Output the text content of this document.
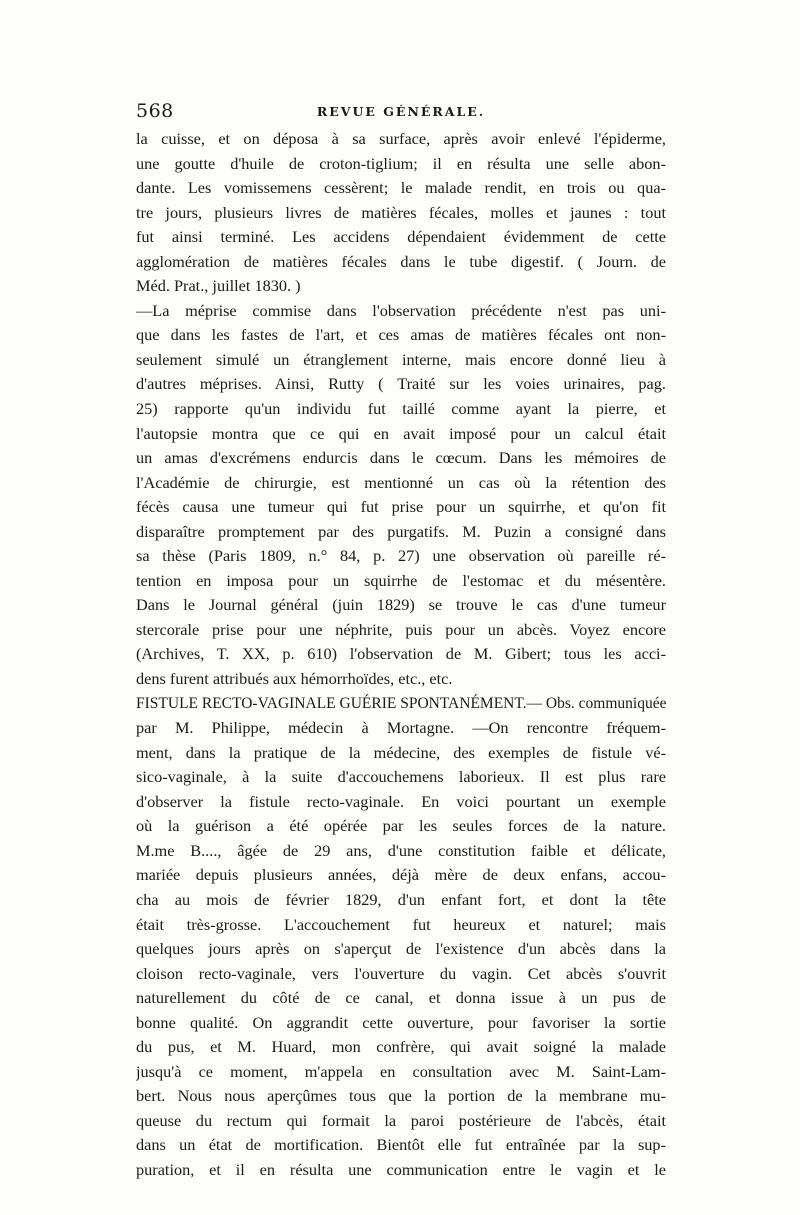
568	REVUE GÉNÉRALE.
la cuisse, et on déposa à sa surface, après avoir enlevé l'épiderme,
une goutte d'huile de croton-tiglium; il en résulta une selle abon-
dante. Les vomissemens cessèrent; le malade rendit, en trois ou qua-
tre jours, plusieurs livres de matières fécales, molles et jaunes : tout
fut ainsi terminé. Les accidens dépendaient évidemment de cette
agglomération de matières fécales dans le tube digestif. ( Journ. de
Méd. Prat., juillet 1830. )
—La méprise commise dans l'observation précédente n'est pas uni-
que dans les fastes de l'art, et ces amas de matières fécales ont non-
seulement simulé un étranglement interne, mais encore donné lieu à
d'autres méprises. Ainsi, Rutty ( Traité sur les voies urinaires, pag.
25) rapporte qu'un individu fut taillé comme ayant la pierre, et
l'autopsie montra que ce qui en avait imposé pour un calcul était
un amas d'excrémens endurcis dans le cœcum. Dans les mémoires de
l'Académie de chirurgie, est mentionné un cas où la rétention des
fécès causa une tumeur qui fut prise pour un squirrhe, et qu'on fit
disparaître promptement par des purgatifs. M. Puzin a consigné dans
sa thèse (Paris 1809, n.° 84, p. 27) une observation où pareille ré-
tention en imposa pour un squirrhe de l'estomac et du mésentère.
Dans le Journal général (juin 1829) se trouve le cas d'une tumeur
stercorale prise pour une néphrite, puis pour un abcès. Voyez encore
(Archives, T. XX, p. 610) l'observation de M. Gibert; tous les acci-
dens furent attribués aux hémorrhoïdes, etc., etc.
FISTULE RECTO-VAGINALE GUÉRIE SPONTANÉMENT.— Obs. communiquée
par M. Philippe, médecin à Mortagne. —On rencontre fréquem-
ment, dans la pratique de la médecine, des exemples de fistule vé-
sico-vaginale, à la suite d'accouchemens laborieux. Il est plus rare
d'observer la fistule recto-vaginale. En voici pourtant un exemple
où la guérison a été opérée par les seules forces de la nature.
M.me B...., âgée de 29 ans, d'une constitution faible et délicate,
mariée depuis plusieurs années, déjà mère de deux enfans, accou-
cha au mois de février 1829, d'un enfant fort, et dont la tête
était très-grosse. L'accouchement fut heureux et naturel; mais
quelques jours après on s'aperçut de l'existence d'un abcès dans la
cloison recto-vaginale, vers l'ouverture du vagin. Cet abcès s'ouvrit
naturellement du côté de ce canal, et donna issue à un pus de
bonne qualité. On aggrandit cette ouverture, pour favoriser la sortie
du pus, et M. Huard, mon confrère, qui avait soigné la malade
jusqu'à ce moment, m'appela en consultation avec M. Saint-Lam-
bert. Nous nous aperçûmes tous que la portion de la membrane mu-
queuse du rectum qui formait la paroi postérieure de l'abcès, était
dans un état de mortification. Bientôt elle fut entraînée par la sup-
puration, et il en résulta une communication entre le vagin et le
